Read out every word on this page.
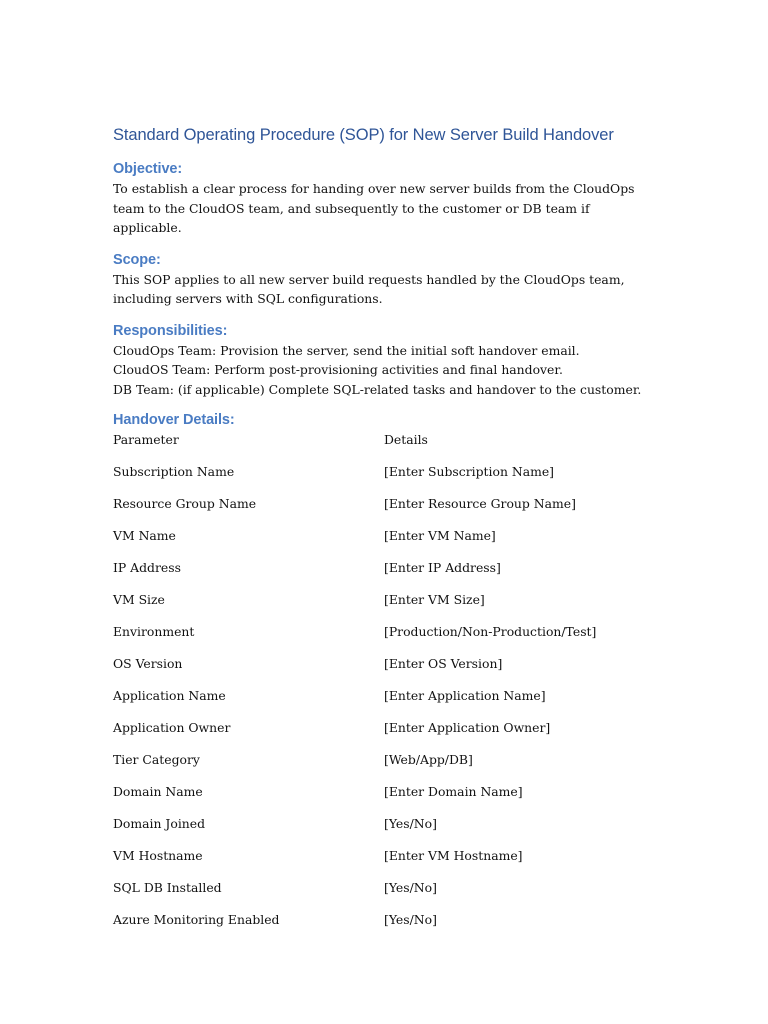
Standard Operating Procedure (SOP) for New Server Build Handover
Objective:

To establish a clear process for handing over new server builds from the CloudOps team to the CloudOS team, and subsequently to the customer or DB team if applicable.

Scope:

This SOP applies to all new server build requests handled by the CloudOps team, including servers with SQL configurations.

Responsibilities:

CloudOps Team: Provision the server, send the initial soft handover email.

CloudOS Team: Perform post-provisioning activities and final handover.

DB Team: (if applicable) Complete SQL-related tasks and handover to the customer.

Handover Details:
Parameter	Details
Subscription Name	[Enter Subscription Name]
Resource Group Name	[Enter Resource Group Name]
VM Name	[Enter VM Name]
IP Address	[Enter IP Address]
VM Size	[Enter VM Size]
Environment	[Production/Non-Production/Test]
OS Version	[Enter OS Version]
Application Name	[Enter Application Name]
Application Owner	[Enter Application Owner]
Tier Category	[Web/App/DB]
Domain Name	[Enter Domain Name]
Domain Joined	[Yes/No]
VM Hostname	[Enter VM Hostname]
SQL DB Installed	[Yes/No]
Azure Monitoring Enabled	[Yes/No]
